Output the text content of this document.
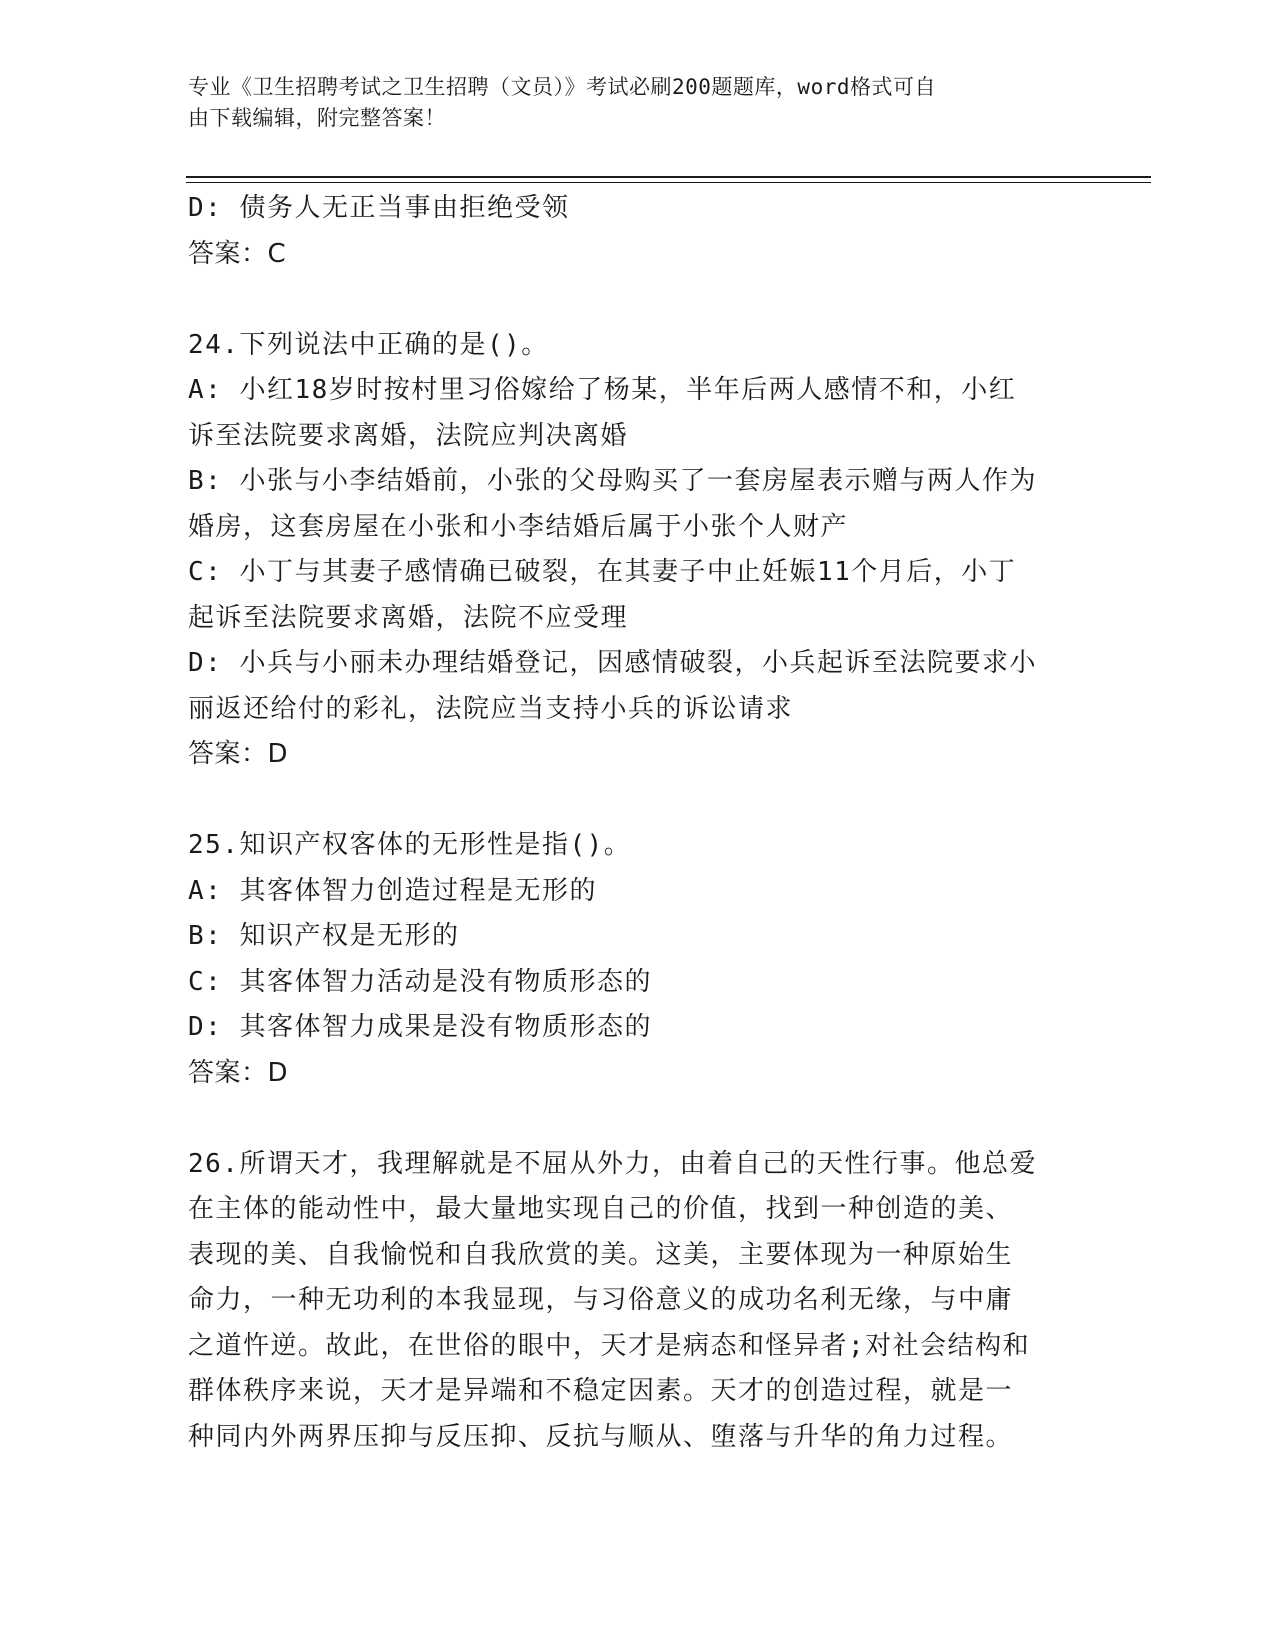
专业《卫生招聘考试之卫生招聘（文员）》考试必刷200题题库，word格式可自
由下载编辑，附完整答案！
D: 债务人无正当事由拒绝受领
答案：C
24.下列说法中正确的是()。
A: 小红18岁时按村里习俗嫁给了杨某，半年后两人感情不和，小红
诉至法院要求离婚，法院应判决离婚
B: 小张与小李结婚前，小张的父母购买了一套房屋表示赠与两人作为
婚房，这套房屋在小张和小李结婚后属于小张个人财产
C: 小丁与其妻子感情确已破裂，在其妻子中止妊娠11个月后，小丁
起诉至法院要求离婚，法院不应受理
D: 小兵与小丽未办理结婚登记，因感情破裂，小兵起诉至法院要求小
丽返还给付的彩礼，法院应当支持小兵的诉讼请求
答案：D
25.知识产权客体的无形性是指()。
A: 其客体智力创造过程是无形的
B: 知识产权是无形的
C: 其客体智力活动是没有物质形态的
D: 其客体智力成果是没有物质形态的
答案：D
26.所谓天才，我理解就是不屈从外力，由着自己的天性行事。他总爱
在主体的能动性中，最大量地实现自己的价值，找到一种创造的美、
表现的美、自我愉悦和自我欣赏的美。这美，主要体现为一种原始生
命力，一种无功利的本我显现，与习俗意义的成功名利无缘，与中庸
之道忤逆。故此，在世俗的眼中，天才是病态和怪异者;对社会结构和
群体秩序来说，天才是异端和不稳定因素。天才的创造过程，就是一
种同内外两界压抑与反压抑、反抗与顺从、堕落与升华的角力过程。
